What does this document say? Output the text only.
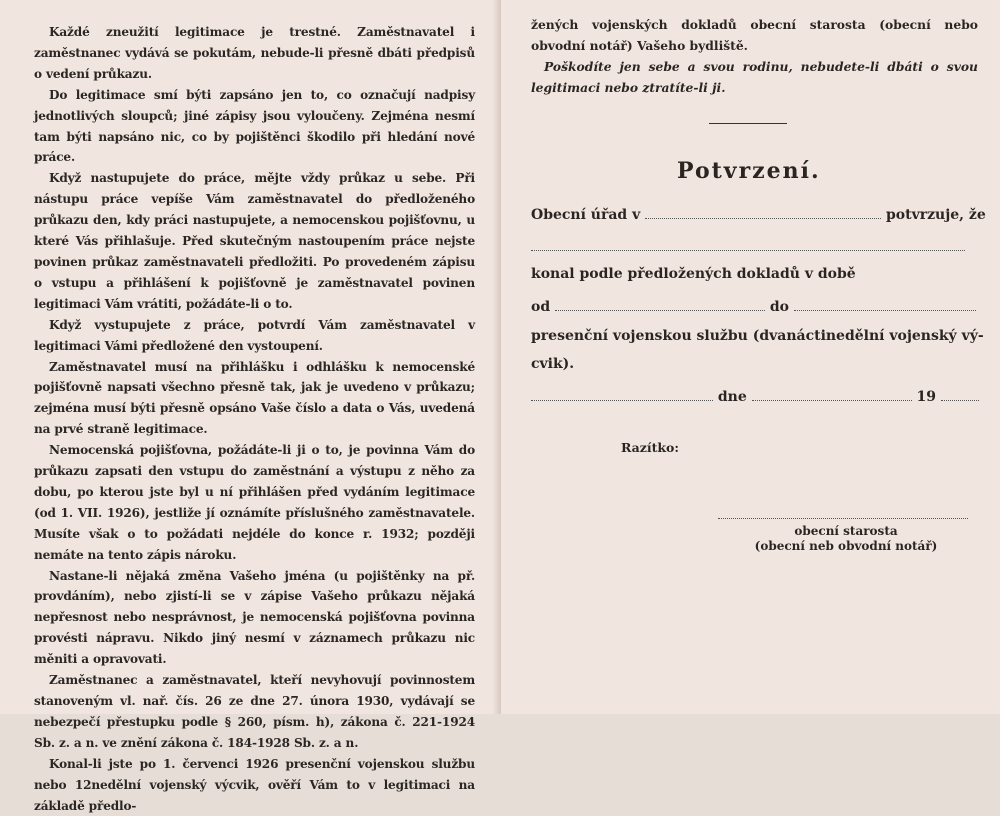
Každé zneužití legitimace je trestné. Zaměstnavatel i zaměstnanec vydává se pokutám, nebude-li přesně dbáti předpisů o vedení průkazu.

Do legitimace smí býti zapsáno jen to, co označují nadpisy jednotlivých sloupců; jiné zápisy jsou vyloučeny. Zejména nesmí tam býti napsáno nic, co by pojištěnci škodilo při hledání nové práce.

Když nastupujete do práce, mějte vždy průkaz u sebe. Při nástupu práce vepíše Vám zaměstnavatel do předloženého průkazu den, kdy práci nastupujete, a nemocenskou pojišťovnu, u které Vás přihlašuje. Před skutečným nastoupením práce nejste povinen průkaz zaměstnavateli předložiti. Po provedeném zápisu o vstupu a přihlášení k pojišťovně je zaměstnavatel povinen legitimaci Vám vrátiti, požádáte-li o to.

Když vystupujete z práce, potvrdí Vám zaměstnavatel v legitimaci Vámi předložené den vystoupení.

Zaměstnavatel musí na přihlášku i odhlášku k nemocenské pojišťovně napsati všechno přesně tak, jak je uvedeno v průkazu; zejména musí býti přesně opsáno Vaše číslo a data o Vás, uvedená na prvé straně legitimace.

Nemocenská pojišťovna, požádáte-li ji o to, je povinna Vám do průkazu zapsati den vstupu do zaměstnání a výstupu z něho za dobu, po kterou jste byl u ní přihlášen před vydáním legitimace (od 1. VII. 1926), jestliže jí oznámíte příslušného zaměstnavatele. Musíte však o to požádati nejdéle do konce r. 1932; později nemáte na tento zápis nároku.

Nastane-li nějaká změna Vašeho jména (u pojištěnky na př. provdáním), nebo zjistí-li se v zápise Vašeho průkazu nějaká nepřesnost nebo nesprávnost, je nemocenská pojišťovna povinna provésti nápravu. Nikdo jiný nesmí v záznamech průkazu nic měniti a opravovati.

Zaměstnanec a zaměstnavatel, kteří nevyhovují povinnostem stanoveným vl. nař. čís. 26 ze dne 27. února 1930, vydávají se nebezpečí přestupku podle § 260, písm. h), zákona č. 221-1924 Sb. z. a n. ve znění zákona č. 184-1928 Sb. z. a n.

Konal-li jste po 1. červenci 1926 presenční vojenskou službu nebo 12nedělní vojenský výcvik, ověří Vám to v legitimaci na základě předlo-

žených vojenských dokladů obecní starosta (obecní nebo obvodní notář) Vašeho bydliště.

Poškodíte jen sebe a svou rodinu, nebudete-li dbáti o svou legitimaci nebo ztratíte-li ji.

Potvrzení.
Obecní úřad v	potvrzuje, že
konal podle předložených dokladů v době
od	do
presenční vojenskou službu (dvanáctinedělní vojenský vý-
cvik).
dne	19
Razítko:
obecní starosta
(obecní neb obvodní notář)
